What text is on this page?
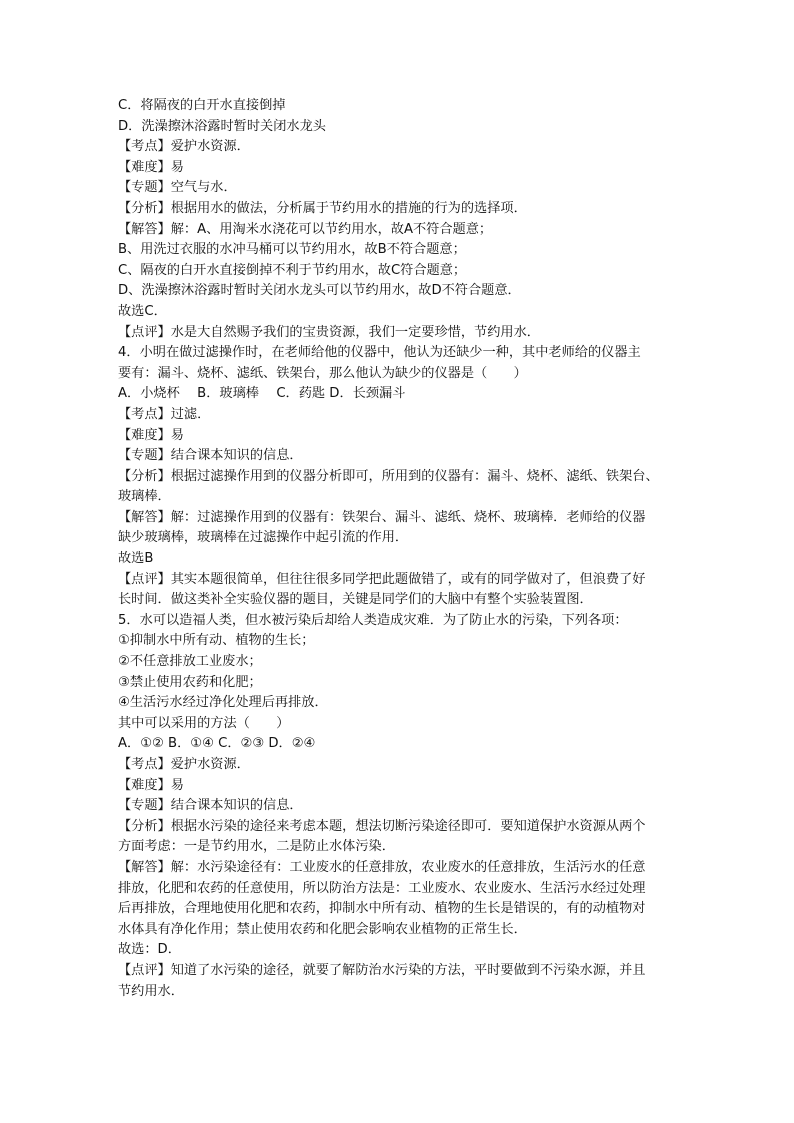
C．将隔夜的白开水直接倒掉
D．洗澡擦沐浴露时暂时关闭水龙头
【考点】爱护水资源．
【难度】易
【专题】空气与水．
【分析】根据用水的做法，分析属于节约用水的措施的行为的选择项．
【解答】解：A、用淘米水浇花可以节约用水，故A不符合题意；
B、用洗过衣服的水冲马桶可以节约用水，故B不符合题意；
C、隔夜的白开水直接倒掉不利于节约用水，故C符合题意；
D、洗澡擦沐浴露时暂时关闭水龙头可以节约用水，故D不符合题意．
故选C．
【点评】水是大自然赐予我们的宝贵资源，我们一定要珍惜，节约用水．
4．小明在做过滤操作时，在老师给他的仪器中，他认为还缺少一种，其中老师给的仪器主
要有：漏斗、烧杯、滤纸、铁架台，那么他认为缺少的仪器是（　　）
A．小烧杯　 B．玻璃棒　 C．药匙 D．长颈漏斗
【考点】过滤．
【难度】易
【专题】结合课本知识的信息．
【分析】根据过滤操作用到的仪器分析即可，所用到的仪器有：漏斗、烧杯、滤纸、铁架台、
玻璃棒．
【解答】解：过滤操作用到的仪器有：铁架台、漏斗、滤纸、烧杯、玻璃棒．老师给的仪器
缺少玻璃棒，玻璃棒在过滤操作中起引流的作用．
故选B
【点评】其实本题很简单，但往往很多同学把此题做错了，或有的同学做对了，但浪费了好
长时间．做这类补全实验仪器的题目，关键是同学们的大脑中有整个实验装置图．
5．水可以造福人类，但水被污染后却给人类造成灾难．为了防止水的污染，下列各项：
①抑制水中所有动、植物的生长；
②不任意排放工业废水；
③禁止使用农药和化肥；
④生活污水经过净化处理后再排放．
其中可以采用的方法（　　）
A．①② B．①④ C．②③ D．②④
【考点】爱护水资源．
【难度】易
【专题】结合课本知识的信息．
【分析】根据水污染的途径来考虑本题，想法切断污染途径即可．要知道保护水资源从两个
方面考虑：一是节约用水，二是防止水体污染．
【解答】解：水污染途径有：工业废水的任意排放，农业废水的任意排放，生活污水的任意
排放，化肥和农药的任意使用，所以防治方法是：工业废水、农业废水、生活污水经过处理
后再排放，合理地使用化肥和农药，抑制水中所有动、植物的生长是错误的，有的动植物对
水体具有净化作用；禁止使用农药和化肥会影响农业植物的正常生长．
故选：D．
【点评】知道了水污染的途径，就要了解防治水污染的方法，平时要做到不污染水源，并且
节约用水．
